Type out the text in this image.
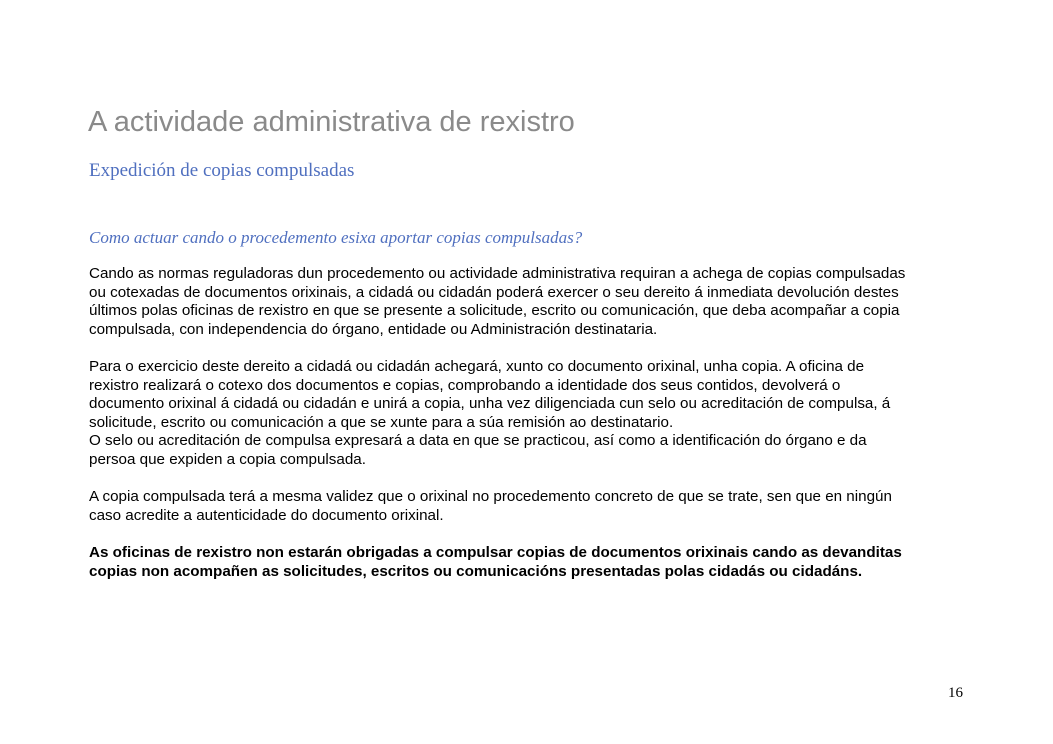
A actividade administrativa de rexistro
Expedición de copias compulsadas
Como actuar cando o procedemento esixa aportar copias compulsadas?
Cando as normas reguladoras dun procedemento ou actividade administrativa requiran a achega de copias compulsadas
ou cotexadas de documentos orixinais, a cidadá ou cidadán poderá exercer o seu dereito á inmediata devolución destes
últimos polas oficinas de rexistro en que se presente a solicitude, escrito ou comunicación, que deba acompañar a copia
compulsada, con independencia do órgano, entidade ou Administración destinataria.
Para o exercicio deste dereito a cidadá ou cidadán achegará, xunto co documento orixinal, unha copia. A oficina de
rexistro realizará o cotexo dos documentos e copias, comprobando a identidade dos seus contidos, devolverá o
documento orixinal á cidadá ou cidadán e unirá a copia, unha vez diligenciada cun selo ou acreditación de compulsa, á
solicitude, escrito ou comunicación a que se xunte para a súa remisión ao destinatario.
O selo ou acreditación de compulsa expresará a data en que se practicou, así como a identificación do órgano e da
persoa que expiden a copia compulsada.
A copia compulsada terá a mesma validez que o orixinal no procedemento concreto de que se trate, sen que en ningún
caso acredite a autenticidade do documento orixinal.
As oficinas de rexistro non estarán obrigadas a compulsar copias de documentos orixinais cando as devanditas
copias non acompañen as solicitudes, escritos ou comunicacións presentadas polas cidadás ou cidadáns.
16
